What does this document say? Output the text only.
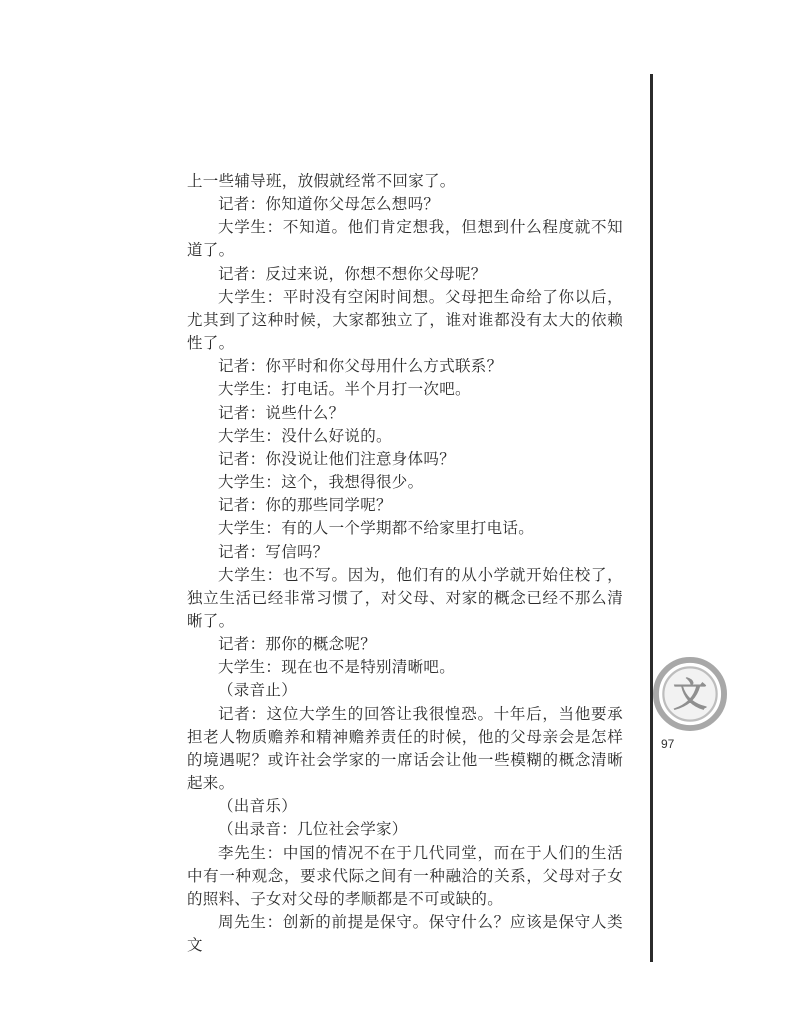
上一些辅导班，放假就经常不回家了。

记者：你知道你父母怎么想吗？

大学生：不知道。他们肯定想我，但想到什么程度就不知道了。

记者：反过来说，你想不想你父母呢？

大学生：平时没有空闲时间想。父母把生命给了你以后，尤其到了这种时候，大家都独立了，谁对谁都没有太大的依赖性了。

记者：你平时和你父母用什么方式联系？

大学生：打电话。半个月打一次吧。

记者：说些什么？

大学生：没什么好说的。

记者：你没说让他们注意身体吗？

大学生：这个，我想得很少。

记者：你的那些同学呢？

大学生：有的人一个学期都不给家里打电话。

记者：写信吗？

大学生：也不写。因为，他们有的从小学就开始住校了，独立生活已经非常习惯了，对父母、对家的概念已经不那么清晰了。

记者：那你的概念呢？

大学生：现在也不是特别清晰吧。

（录音止）

记者：这位大学生的回答让我很惶恐。十年后，当他要承担老人物质赡养和精神赡养责任的时候，他的父母亲会是怎样的境遇呢？或许社会学家的一席话会让他一些模糊的概念清晰起来。

（出音乐）

（出录音：几位社会学家）

李先生：中国的情况不在于几代同堂，而在于人们的生活中有一种观念，要求代际之间有一种融洽的关系，父母对子女的照料、子女对父母的孝顺都是不可或缺的。

周先生：创新的前提是保守。保守什么？应该是保守人类文

文
97
